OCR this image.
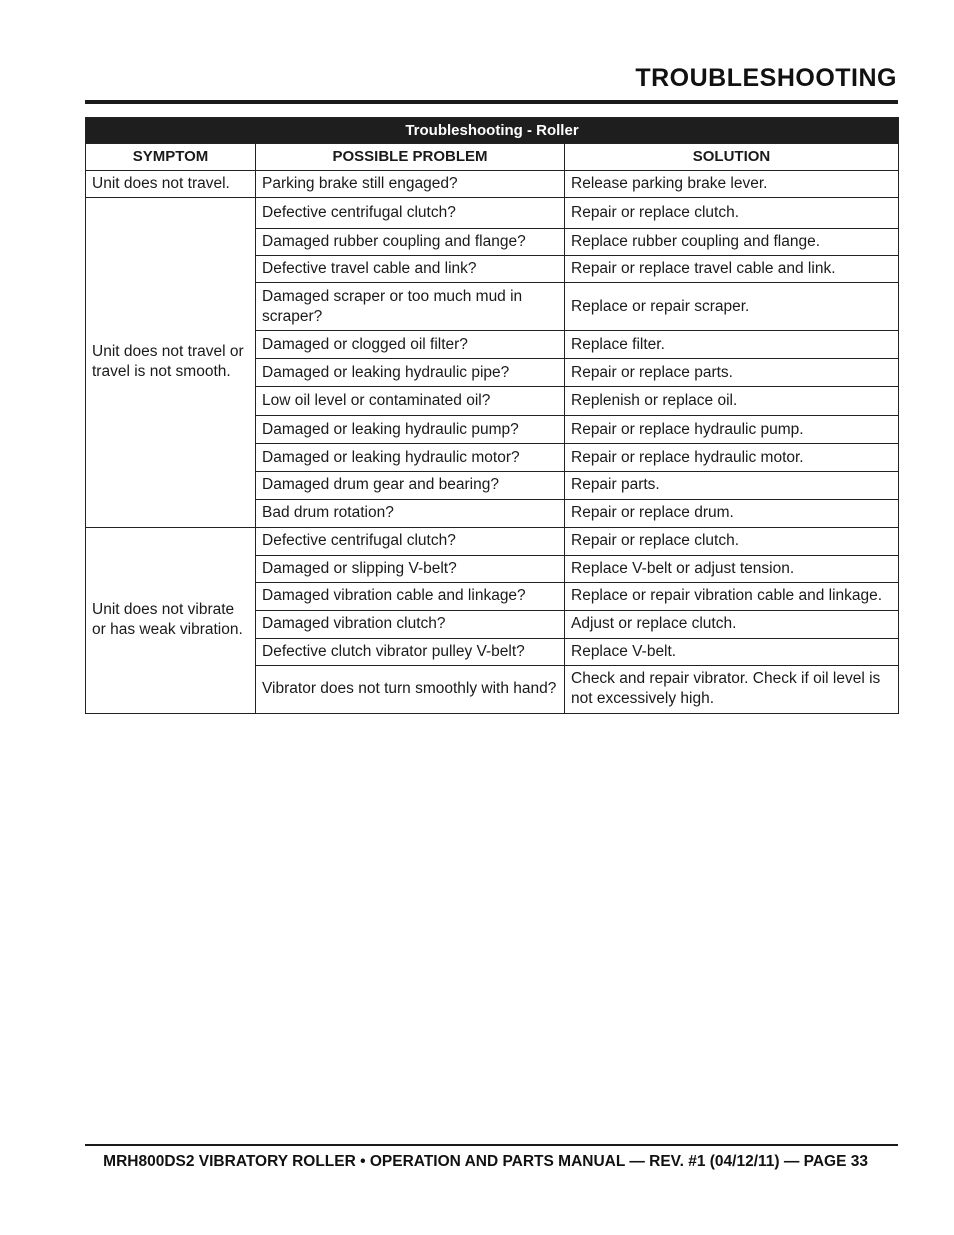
TROUBLESHOOTING
Troubleshooting - Roller		
SYMPTOM	POSSIBLE PROBLEM	SOLUTION
Unit does not travel.	Parking brake still engaged?	Release parking brake lever.
Unit does not travel or travel is not smooth.	Defective centrifugal clutch?	Repair or replace clutch.
	Damaged rubber coupling and flange?	Replace rubber coupling and flange.
	Defective travel cable and link?	Repair or replace travel cable and link.
	Damaged scraper or too much mud in scraper?	Replace or repair scraper.
	Damaged or clogged oil filter?	Replace filter.
	Damaged or leaking hydraulic pipe?	Repair or replace parts.
	Low oil level or contaminated oil?	Replenish or replace oil.
	Damaged or leaking hydraulic pump?	Repair or replace hydraulic pump.
	Damaged or leaking hydraulic motor?	Repair or replace hydraulic motor.
	Damaged drum gear and bearing?	Repair parts.
	Bad drum rotation?	Repair or replace drum.
Unit does not vibrate or has weak vibration.	Defective centrifugal clutch?	Repair or replace clutch.
	Damaged or slipping V-belt?	Replace V-belt or adjust tension.
	Damaged vibration cable and linkage?	Replace or repair vibration cable and linkage.
	Damaged vibration clutch?	Adjust or replace clutch.
	Defective clutch vibrator pulley V-belt?	Replace V-belt.
	Vibrator does not turn smoothly with hand?	Check and repair vibrator. Check if oil level is not excessively high.
MRH800DS2 VIBRATORY ROLLER • OPERATION AND PARTS MANUAL — REV. #1 (04/12/11) — PAGE 33
